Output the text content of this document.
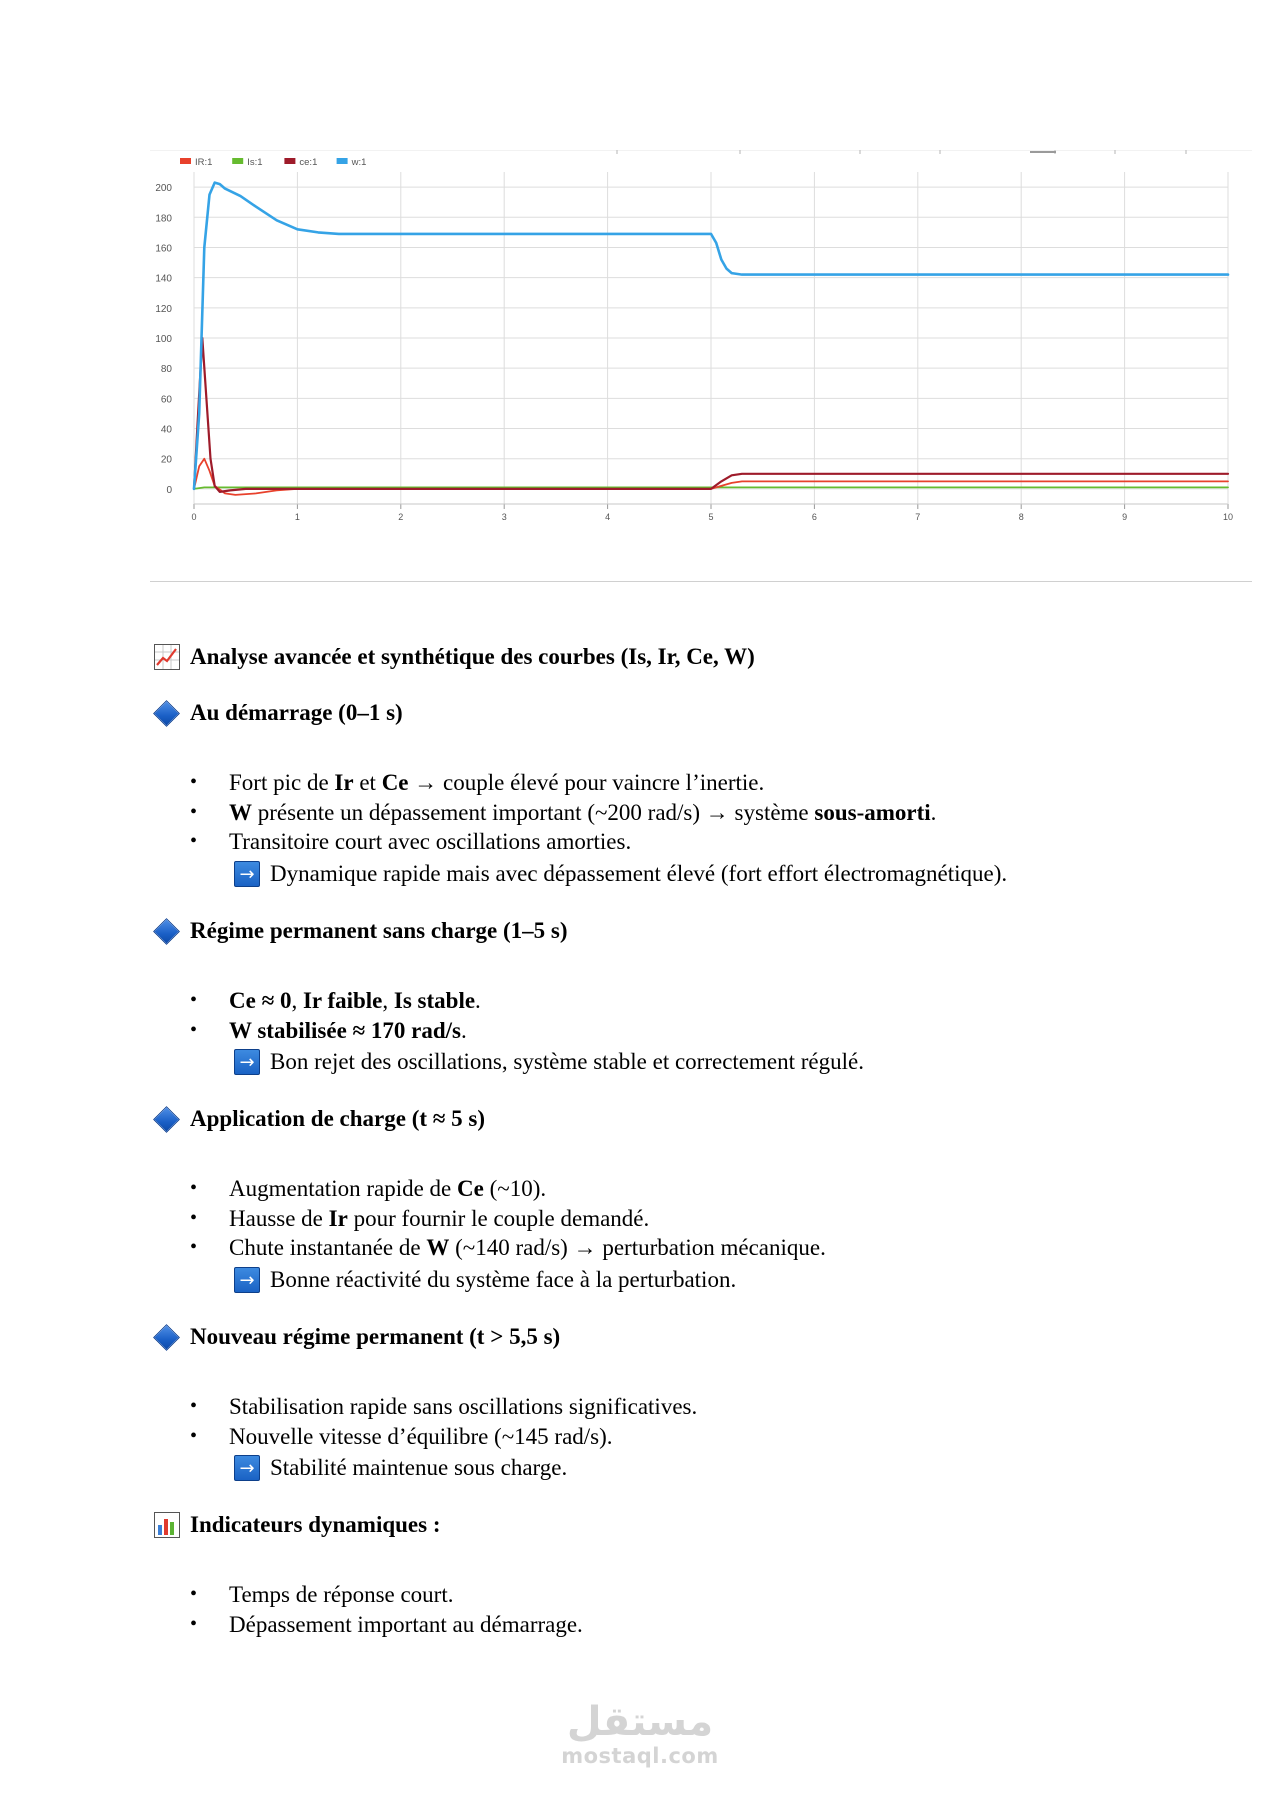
0
20
40
60
80
100
120
140
160
180
200
0	1	2	3	4	5	6	7	8	9	10
IR:1	Is:1	ce:1	w:1
Analyse avancée et synthétique des courbes (Is, Ir, Ce, W)
Au démarrage (0–1 s)
• Fort pic de Ir et Ce → couple élevé pour vaincre l’inertie.
• W présente un dépassement important (~200 rad/s) → système sous-amorti.
• Transitoire court avec oscillations amorties.
→ Dynamique rapide mais avec dépassement élevé (fort effort électromagnétique).
Régime permanent sans charge (1–5 s)
• Ce ≈ 0, Ir faible, Is stable.
• W stabilisée ≈ 170 rad/s.
→ Bon rejet des oscillations, système stable et correctement régulé.
Application de charge (t ≈ 5 s)
• Augmentation rapide de Ce (~10).
• Hausse de Ir pour fournir le couple demandé.
• Chute instantanée de W (~140 rad/s) → perturbation mécanique.
→ Bonne réactivité du système face à la perturbation.
Nouveau régime permanent (t > 5,5 s)
• Stabilisation rapide sans oscillations significatives.
• Nouvelle vitesse d’équilibre (~145 rad/s).
→ Stabilité maintenue sous charge.
Indicateurs dynamiques :
• Temps de réponse court.
• Dépassement important au démarrage.
مستقل
mostaql.com
